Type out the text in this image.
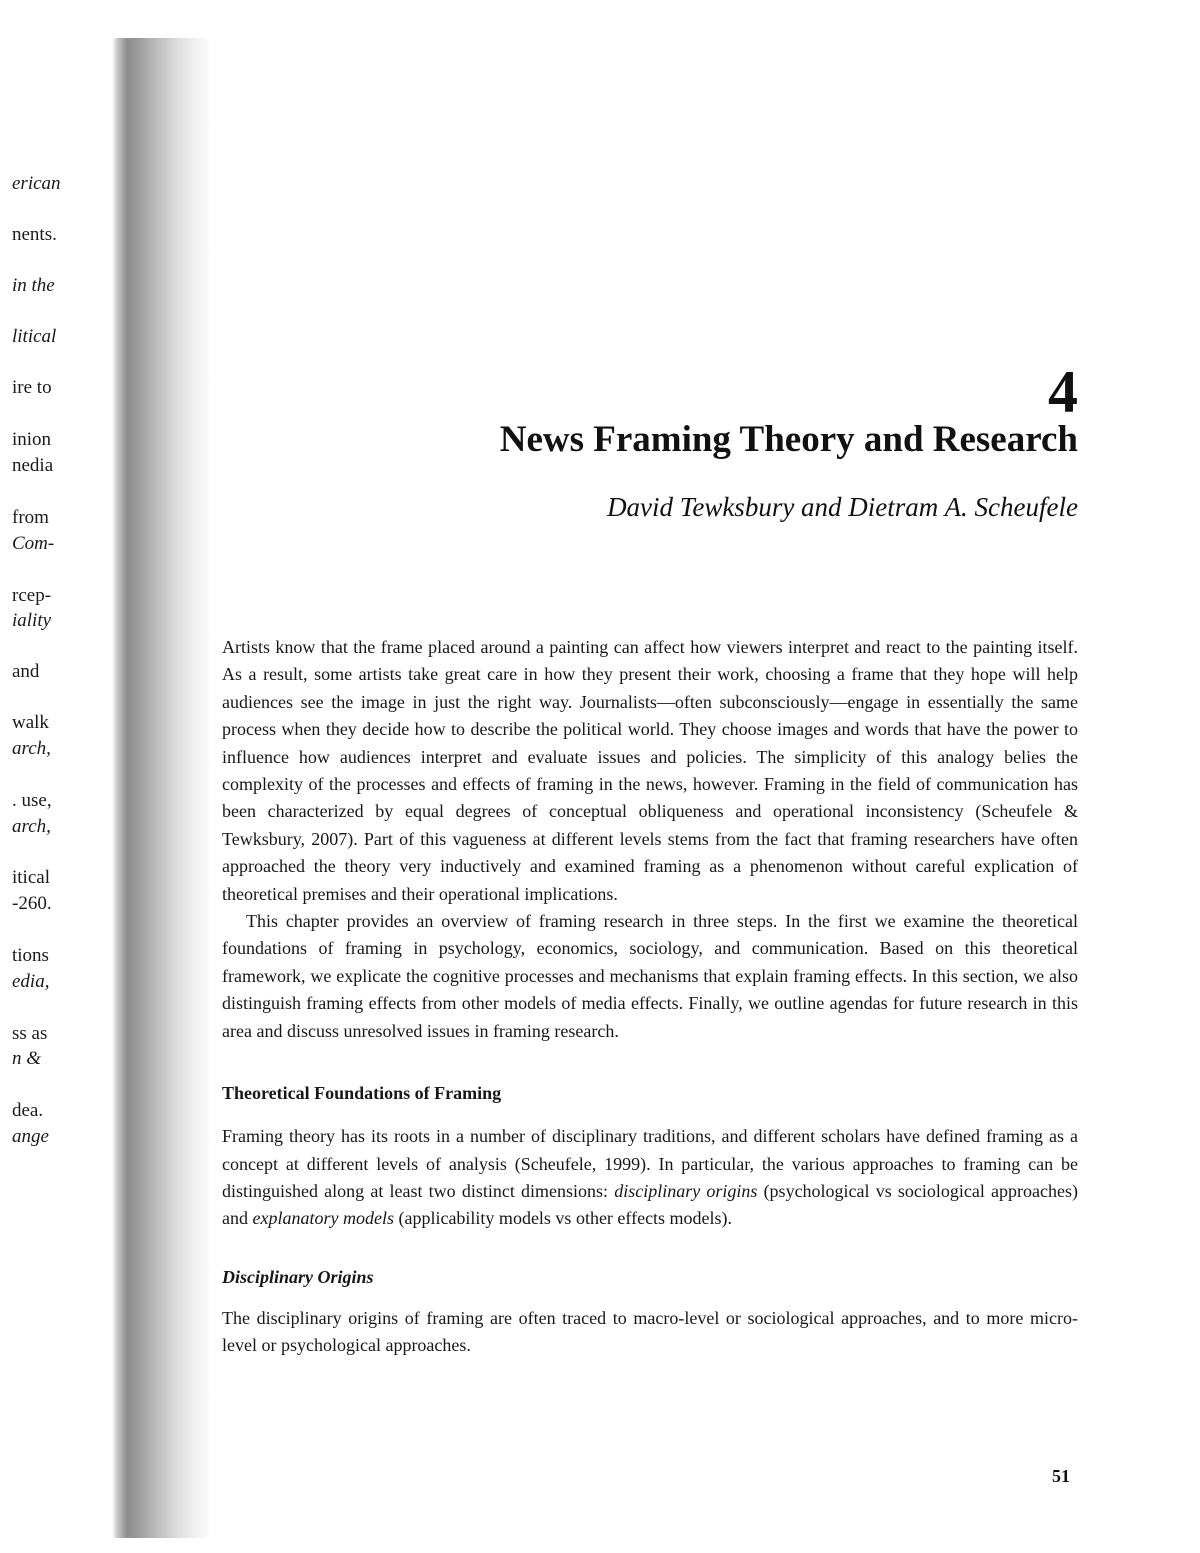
erican
nents.
in the
litical
ire to
inion
nedia
from
Com-
rcep-
iality
and
walk
arch,
. use,
arch,
itical
-260.
tions
edia,
ss as
n &
dea.
ange
4
News Framing Theory and Research
David Tewksbury and Dietram A. Scheufele

Artists know that the frame placed around a painting can affect how viewers interpret and react to the painting itself. As a result, some artists take great care in how they present their work, choosing a frame that they hope will help audiences see the image in just the right way. Journalists—often subconsciously—engage in essentially the same process when they decide how to describe the political world. They choose images and words that have the power to influence how audiences interpret and evaluate issues and policies. The simplicity of this analogy belies the complexity of the processes and effects of framing in the news, however. Framing in the field of communication has been characterized by equal degrees of conceptual obliqueness and operational inconsistency (Scheufele & Tewksbury, 2007). Part of this vagueness at different levels stems from the fact that framing researchers have often approached the theory very inductively and examined framing as a phenomenon without careful explication of theoretical premises and their operational implications.

This chapter provides an overview of framing research in three steps. In the first we examine the theoretical foundations of framing in psychology, economics, sociology, and communication. Based on this theoretical framework, we explicate the cognitive processes and mechanisms that explain framing effects. In this section, we also distinguish framing effects from other models of media effects. Finally, we outline agendas for future research in this area and discuss unresolved issues in framing research.

Theoretical Foundations of Framing

Framing theory has its roots in a number of disciplinary traditions, and different scholars have defined framing as a concept at different levels of analysis (Scheufele, 1999). In particular, the various approaches to framing can be distinguished along at least two distinct dimensions: disciplinary origins (psychological vs sociological approaches) and explanatory models (applicability models vs other effects models).

Disciplinary Origins

The disciplinary origins of framing are often traced to macro-level or sociological approaches, and to more micro-level or psychological approaches.

51
